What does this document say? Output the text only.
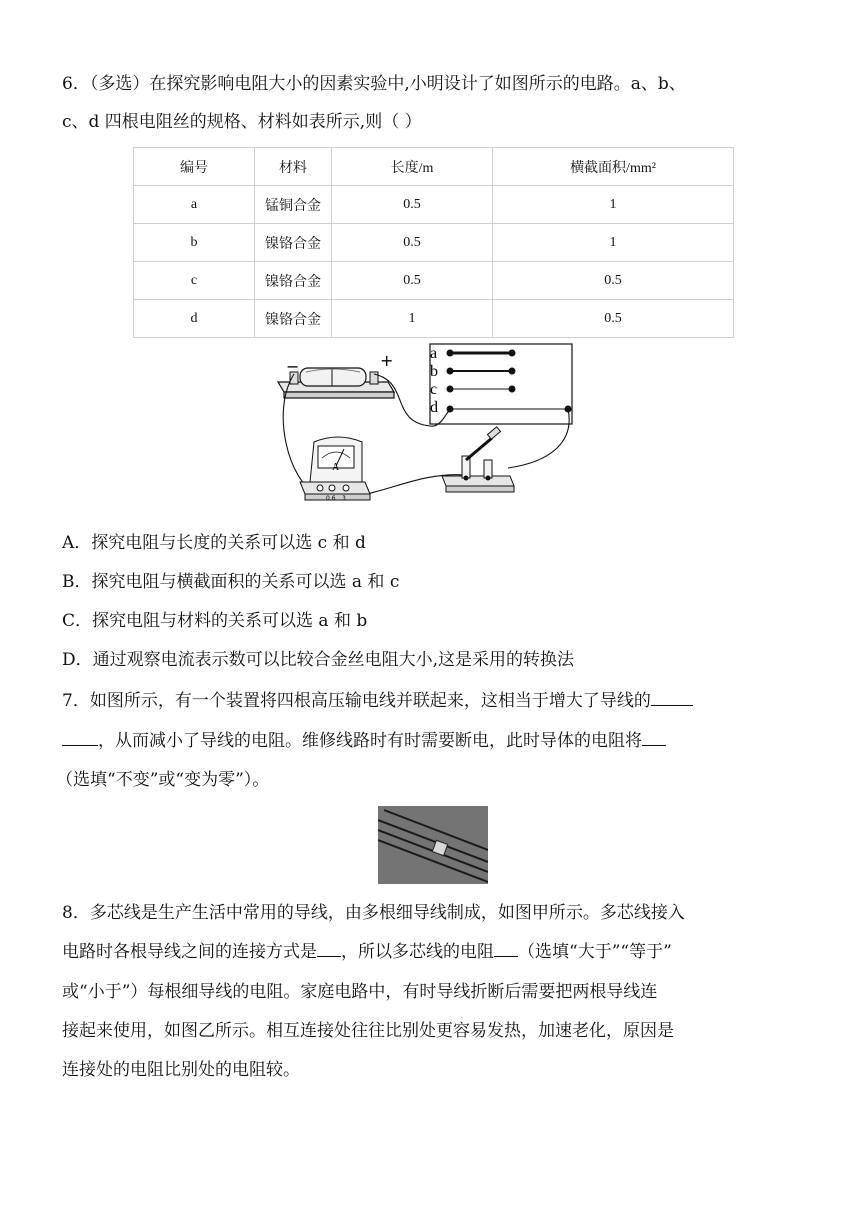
6．（多选）在探究影响电阻大小的因素实验中,小明设计了如图所示的电路。a、b、
c、d 四根电阻丝的规格、材料如表所示,则（ ）
编号	材料	长度/m	横截面积/mm²
a	锰铜合金	0.5	1
b	镍铬合金	0.5	1
c	镍铬合金	0.5	0.5
d	镍铬合金	1	0.5
−	+ a
b
c
d
A
0.6 3
A．探究电阻与长度的关系可以选 c 和 d
B．探究电阻与横截面积的关系可以选 a 和 c
C．探究电阻与材料的关系可以选 a 和 b
D．通过观察电流表示数可以比较合金丝电阻大小,这是采用的转换法
7．如图所示，有一个装置将四根高压输电线并联起来，这相当于增大了导线的
，从而减小了导线的电阻。维修线路时有时需要断电，此时导体的电阻将
（选填“不变”或“变为零”）。
8．多芯线是生产生活中常用的导线，由多根细导线制成，如图甲所示。多芯线接入
电路时各根导线之间的连接方式是 ，所以多芯线的电阻 （选填“大于”“等于”
或“小于”）每根细导线的电阻。家庭电路中，有时导线折断后需要把两根导线连
接起来使用，如图乙所示。相互连接处往往比别处更容易发热，加速老化，原因是
连接处的电阻比别处的电阻较。
